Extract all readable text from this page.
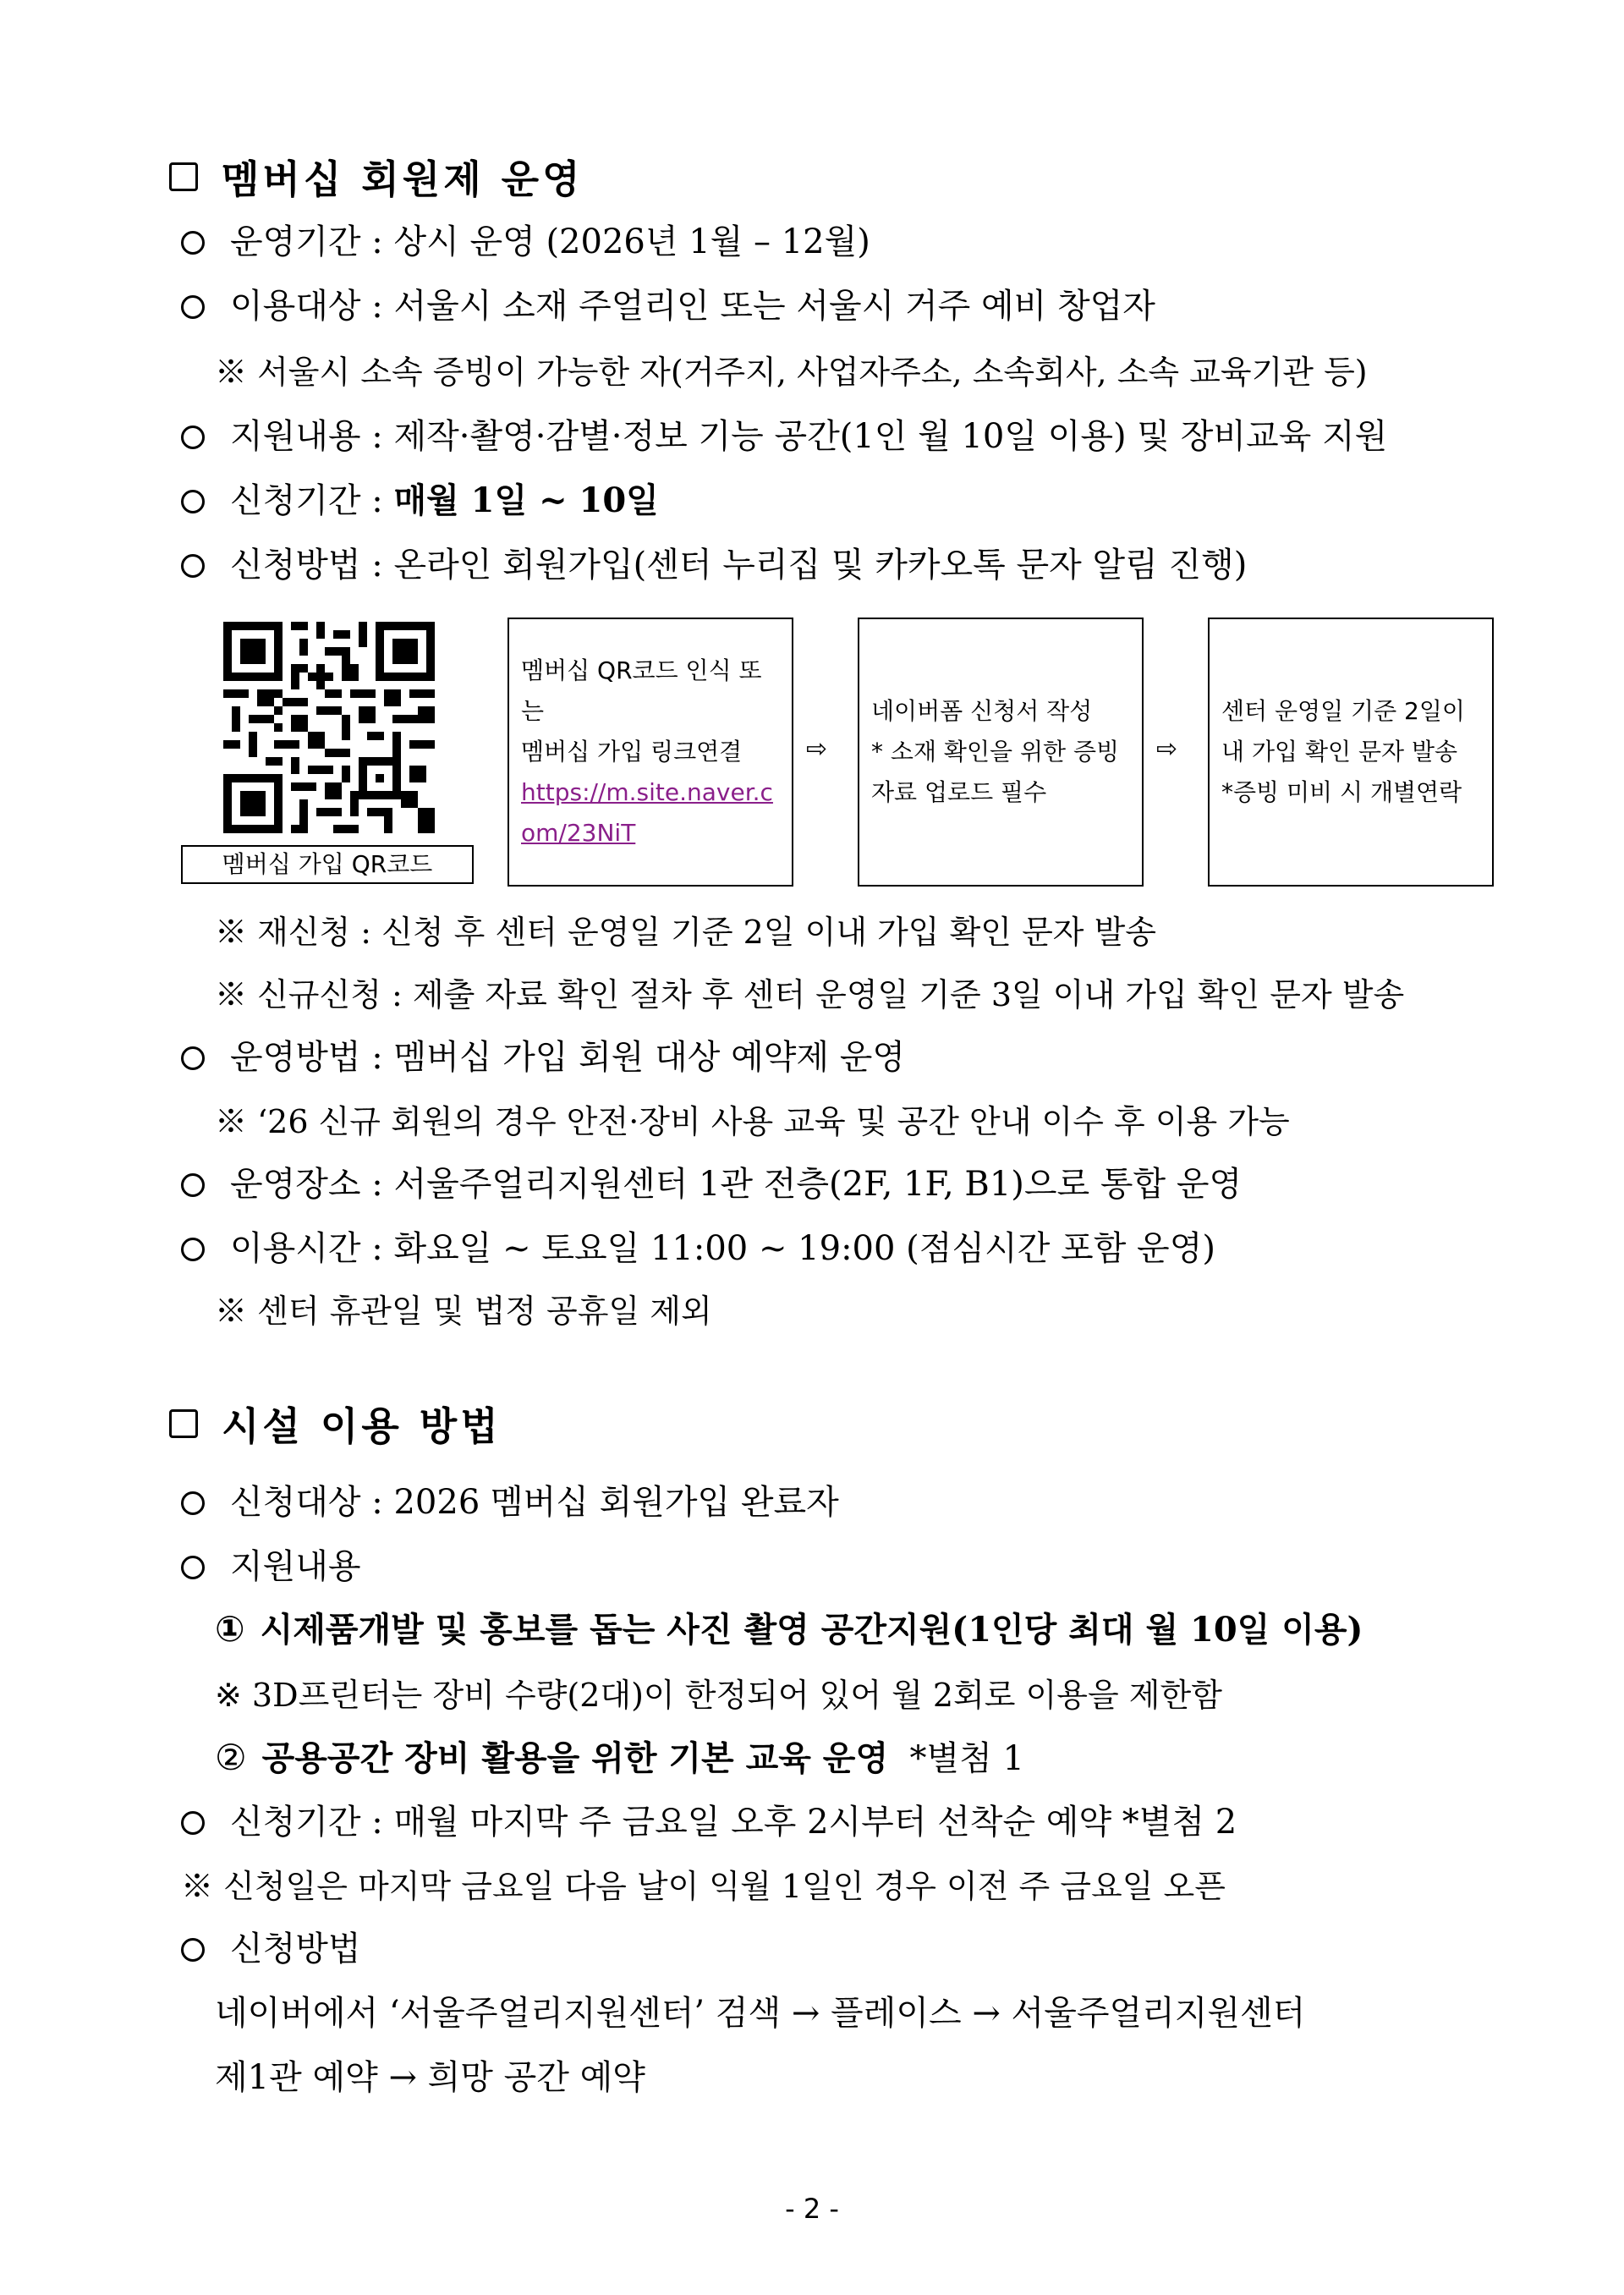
멤버십 회원제 운영
운영기간 : 상시 운영 (2026년 1월 – 12월)
이용대상 : 서울시 소재 주얼리인 또는 서울시 거주 예비 창업자
※ 서울시 소속 증빙이 가능한 자(거주지, 사업자주소, 소속회사, 소속 교육기관 등)
지원내용 : 제작·촬영·감별·정보 기능 공간(1인 월 10일 이용) 및 장비교육 지원
신청기간 : 매월 1일 ~ 10일
신청방법 : 온라인 회원가입(센터 누리집 및 카카오톡 문자 알림 진행)
멤버십 가입 QR코드
멤버십 QR코드 인식 또는
멤버십 가입 링크연결
https://m.site.naver.com/23NiT
⇨
네이버폼 신청서 작성
* 소재 확인을 위한 증빙
자료 업로드 필수
⇨
센터 운영일 기준 2일이
내 가입 확인 문자 발송
*증빙 미비 시 개별연락
※ 재신청 : 신청 후 센터 운영일 기준 2일 이내 가입 확인 문자 발송
※ 신규신청 : 제출 자료 확인 절차 후 센터 운영일 기준 3일 이내 가입 확인 문자 발송
운영방법 : 멤버십 가입 회원 대상 예약제 운영
※ ‘26 신규 회원의 경우 안전·장비 사용 교육 및 공간 안내 이수 후 이용 가능
운영장소 : 서울주얼리지원센터 1관 전층(2F, 1F, B1)으로 통합 운영
이용시간 : 화요일 ~ 토요일 11:00 ~ 19:00 (점심시간 포함 운영)
※ 센터 휴관일 및 법정 공휴일 제외
시설 이용 방법
신청대상 : 2026 멤버십 회원가입 완료자
지원내용
① 시제품개발 및 홍보를 돕는 사진 촬영 공간지원(1인당 최대 월 10일 이용)
※ 3D프린터는 장비 수량(2대)이 한정되어 있어 월 2회로 이용을 제한함
② 공용공간 장비 활용을 위한 기본 교육 운영 *별첨 1
신청기간 : 매월 마지막 주 금요일 오후 2시부터 선착순 예약 *별첨 2
※ 신청일은 마지막 금요일 다음 날이 익월 1일인 경우 이전 주 금요일 오픈
신청방법
네이버에서 ‘서울주얼리지원센터’ 검색 → 플레이스 → 서울주얼리지원센터
제1관 예약 → 희망 공간 예약
- 2 -
